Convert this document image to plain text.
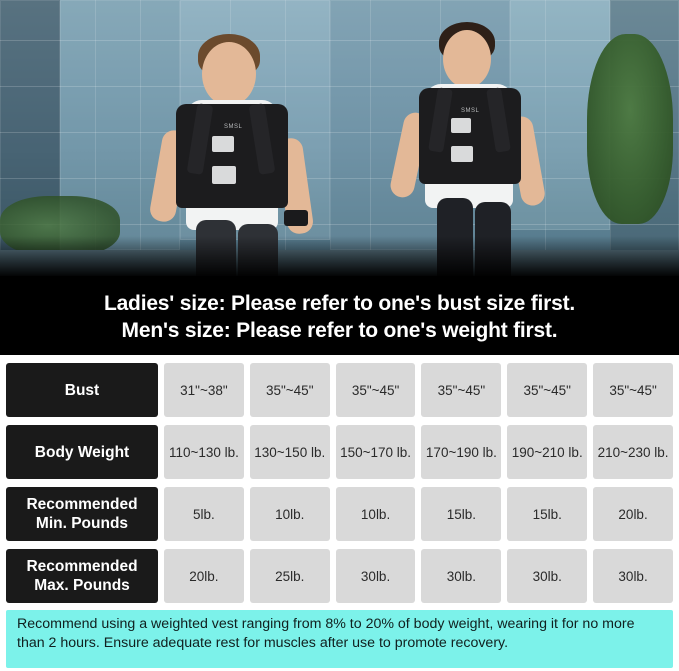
SMSL
SMSL
Ladies' size: Please refer to one's bust size first.
Men's size: Please refer to one's weight first.
Bust	31"~38"	35"~45"	35"~45"	35"~45"	35"~45"	35"~45"
Body Weight	110~130 lb.	130~150 lb.	150~170 lb.	170~190 lb.	190~210 lb.	210~230 lb.

Recommended
Min. Pounds	5lb.	10lb.	10lb.	15lb.	15lb.	20lb.

Recommended
Max. Pounds	20lb.	25lb.	30lb.	30lb.	30lb.	30lb.

Recommend using a weighted vest ranging from 8% to 20% of body weight, wearing it for no more than 2 hours. Ensure adequate rest for muscles after use to promote recovery.
